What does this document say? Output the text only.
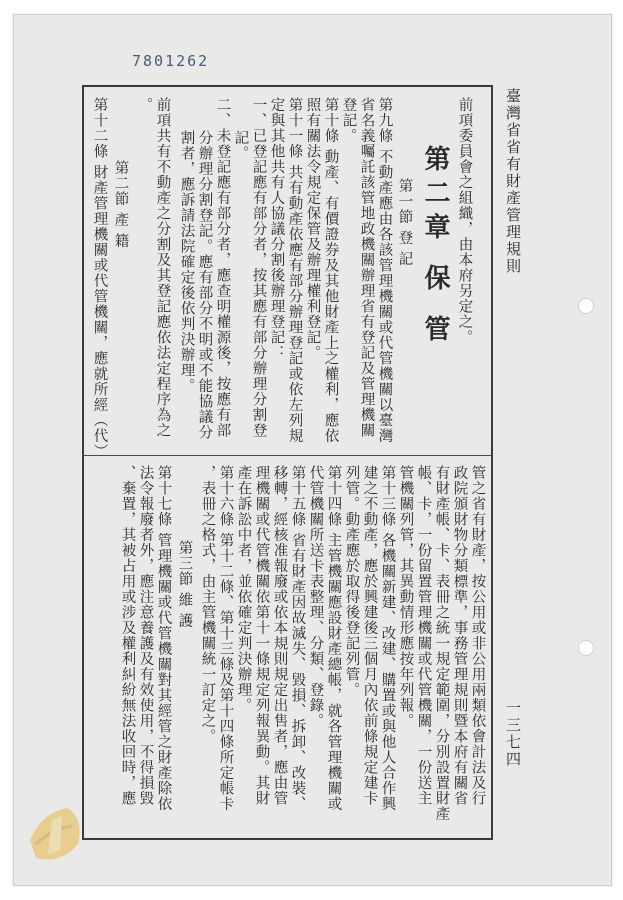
7801262
臺灣省省有財產管理規則
一三七四
前項委員會之組織，由本府另定之。
第二章 保 管
第一節 登 記
第九條 不動產應由各該管理機關或代管機關以臺灣
省名義囑託該管地政機關辦理省有登記及管理機關
登記。
第十條 動產、有價證券及其他財產上之權利，應依
照有關法令規定保管及辦理權利登記。
第十一條 共有動產依應有部分辦理登記或依左列規
定與其他共有人協議分割後辦理登記：
一、已登記應有部分者，按其應有部分辦理分割登
記。
二、未登記應有部分者，應查明權源後，按應有部
分辦理分割登記。應有部分不明或不能協議分
割者，應訴請法院確定後依判決辦理。
前項共有不動產之分割及其登記應依法定程序為之
。
第二節 產 籍
第十二條 財產管理機關或代管機關，應就所經（代）
管之省有財產，按公用或非公用兩類依會計法及行
政院頒財物分類標準，事務管理規則暨本府有關省
有財產帳、卡、表冊之統一規定範圍，分別設置財產
帳、卡，一份留置管理機關或代管機關，一份送主
管機關列管，其異動情形應按年列報。
第十三條 各機關新建、改建、購置或與他人合作興
建之不動產，應於興建後三個月內依前條規定建卡
列管。動產應於取得後登記列管。
第十四條 主管機關應設財產總帳，就各管理機關或
代管機關所送卡表整理、分類、登錄。
第十五條 省有財產因故滅失、毀損、拆卸、改裝、
移轉，經核准報廢或依本規則規定出售者，應由管
理機關或代管機關依第十一條規定列報異動。其財
產在訴訟中者，並依確定判決辦理。
第十六條 第十二條、第十三條及第十四條所定帳卡
，表冊之格式，由主管機關統一訂定之。
第三節 維 護
第十七條 管理機關或代管機關對其經管之財產除依
法令報廢者外，應注意養護及有效使用，不得損毀
、棄置，其被占用或涉及權利糾紛無法收回時，應
